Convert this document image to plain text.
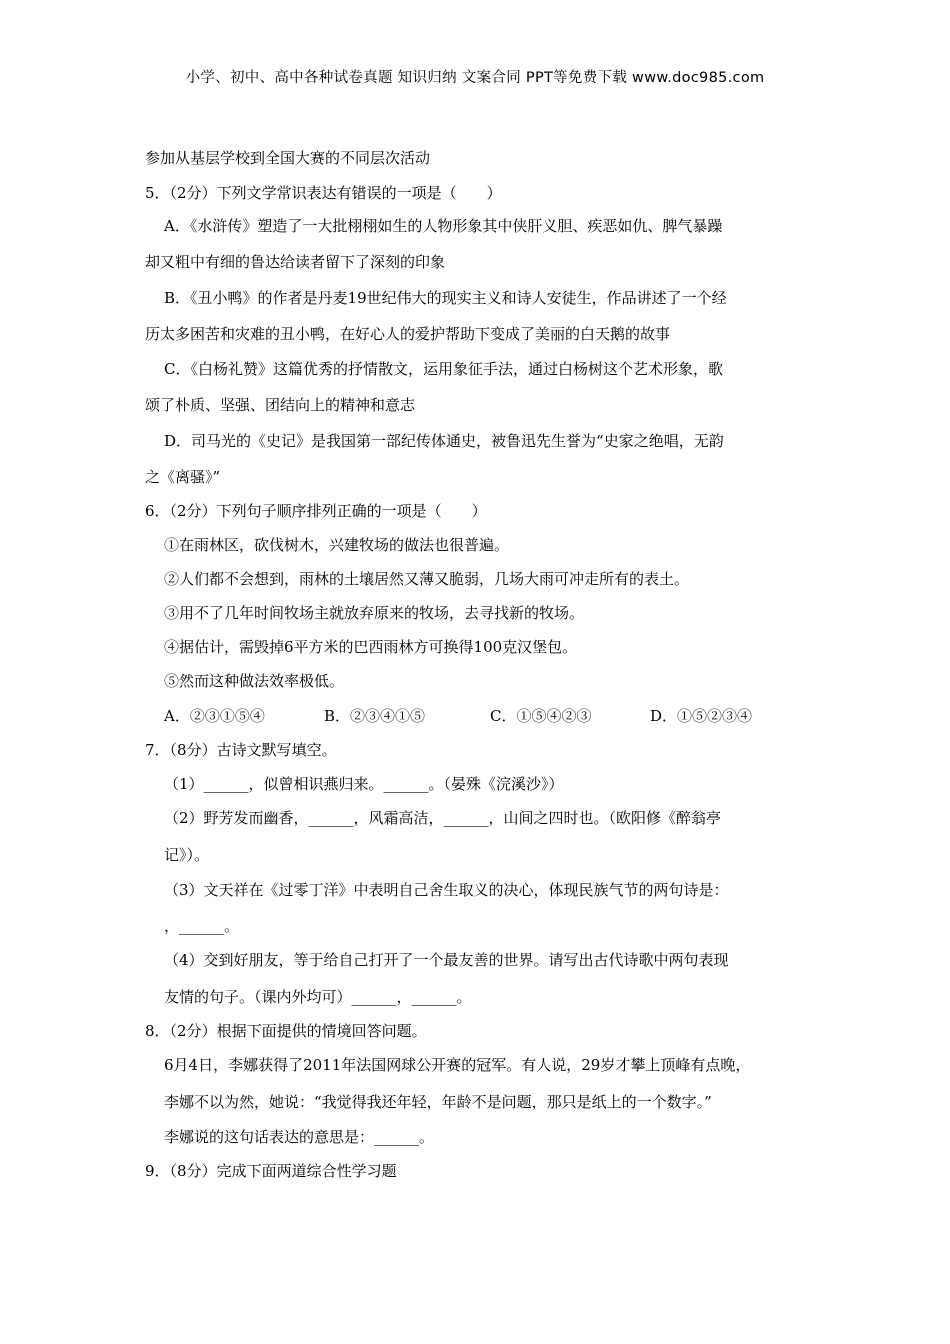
小学、初中、高中各种试卷真题 知识归纳 文案合同 PPT等免费下载 www.doc985.com
参加从基层学校到全国大赛的不同层次活动
5．（2分）下列文学常识表达有错误的一项是（　　）
A．《水浒传》塑造了一大批栩栩如生的人物形象其中侠肝义胆、疾恶如仇、脾气暴躁
却又粗中有细的鲁达给读者留下了深刻的印象
B．《丑小鸭》的作者是丹麦19世纪伟大的现实主义和诗人安徒生，作品讲述了一个经
历太多困苦和灾难的丑小鸭，在好心人的爱护帮助下变成了美丽的白天鹅的故事
C．《白杨礼赞》这篇优秀的抒情散文，运用象征手法，通过白杨树这个艺术形象，歌
颂了朴质、坚强、团结向上的精神和意志
D．司马光的《史记》是我国第一部纪传体通史，被鲁迅先生誉为“史家之绝唱，无韵
之《离骚》”
6．（2分）下列句子顺序排列正确的一项是（　　）
①在雨林区，砍伐树木，兴建牧场的做法也很普遍。
②人们都不会想到，雨林的土壤居然又薄又脆弱，几场大雨可冲走所有的表土。
③用不了几年时间牧场主就放弃原来的牧场，去寻找新的牧场。
④据估计，需毁掉6平方米的巴西雨林方可换得100克汉堡包。
⑤然而这种做法效率极低。
A．②③①⑤④	B．②③④①⑤	C．①⑤④②③	D．①⑤②③④
7．（8分）古诗文默写填空。
（1）______，似曾相识燕归来。______。（晏殊《浣溪沙》）
（2）野芳发而幽香，______，风霜高洁，______，山间之四时也。（欧阳修《醉翁亭
记》）。
（3）文天祥在《过零丁洋》中表明自己舍生取义的决心，体现民族气节的两句诗是：
，______。
（4）交到好朋友，等于给自己打开了一个最友善的世界。请写出古代诗歌中两句表现
友情的句子。（课内外均可）______，______。
8．（2分）根据下面提供的情境回答问题。
6月4日，李娜获得了2011年法国网球公开赛的冠军。有人说，29岁才攀上顶峰有点晚，
李娜不以为然，她说：“我觉得我还年轻，年龄不是问题，那只是纸上的一个数字。”
李娜说的这句话表达的意思是：______。
9．（8分）完成下面两道综合性学习题
